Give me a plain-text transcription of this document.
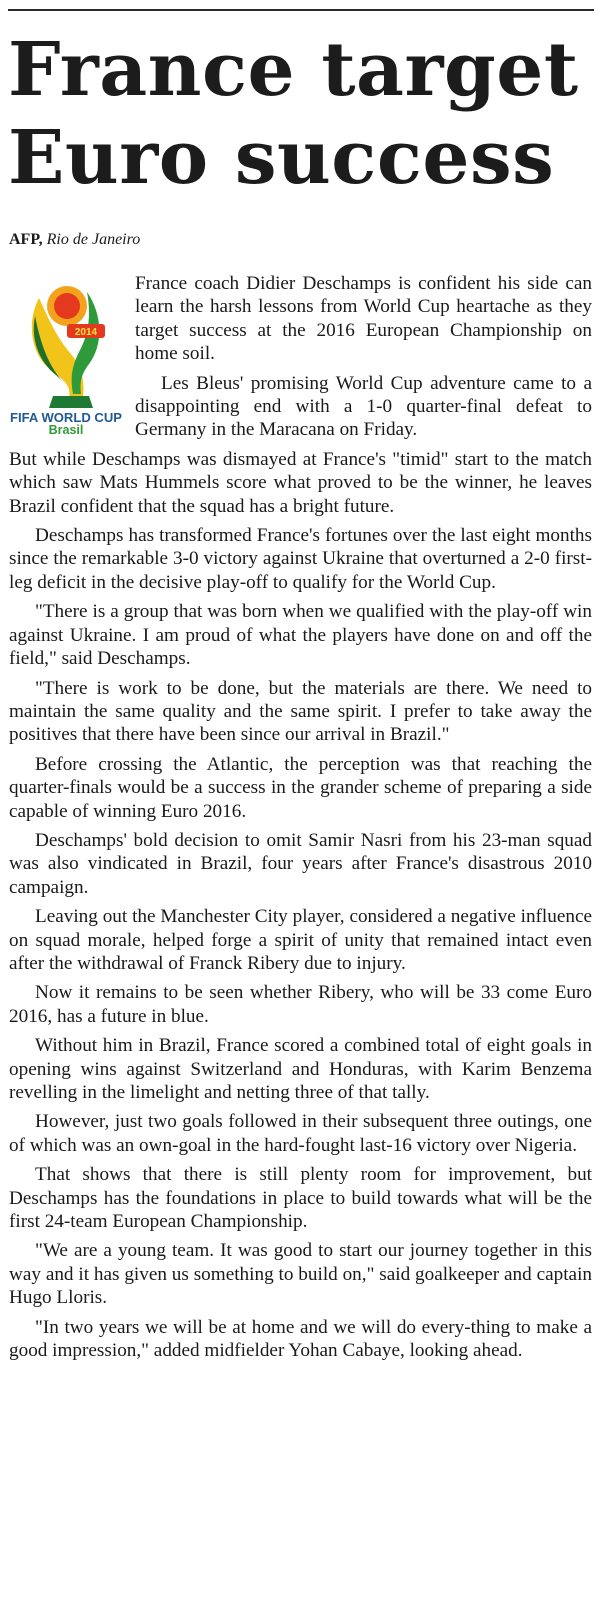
France target
Euro success
AFP, Rio de Janeiro
2014
FIFA WORLD CUP
Brasil

France coach Didier Deschamps is confident his side can learn the harsh lessons from World Cup heartache as they target success at the 2016 European Championship on home soil.

Les Bleus' promising World Cup adventure came to a disappointing end with a 1-0 quarter-final defeat to Germany in the Maracana on Friday.

But while Deschamps was dismayed at France's "timid" start to the match which saw Mats Hummels score what proved to be the winner, he leaves Brazil confident that the squad has a bright future.

Deschamps has transformed France's fortunes over the last eight months since the remarkable 3-0 victory against Ukraine that overturned a 2-0 first-leg deficit in the decisive play-off to qualify for the World Cup.

"There is a group that was born when we qualified with the play-off win against Ukraine. I am proud of what the players have done on and off the field," said Deschamps.

"There is work to be done, but the materials are there. We need to maintain the same quality and the same spirit. I prefer to take away the positives that there have been since our arrival in Brazil."

Before crossing the Atlantic, the perception was that reaching the quarter-finals would be a success in the grander scheme of preparing a side capable of winning Euro 2016.

Deschamps' bold decision to omit Samir Nasri from his 23-man squad was also vindicated in Brazil, four years after France's disastrous 2010 campaign.

Leaving out the Manchester City player, considered a negative influence on squad morale, helped forge a spirit of unity that remained intact even after the withdrawal of Franck Ribery due to injury.

Now it remains to be seen whether Ribery, who will be 33 come Euro 2016, has a future in blue.

Without him in Brazil, France scored a combined total of eight goals in opening wins against Switzerland and Honduras, with Karim Benzema revelling in the limelight and netting three of that tally.

However, just two goals followed in their subsequent three outings, one of which was an own-goal in the hard-fought last-16 victory over Nigeria.

That shows that there is still plenty room for improvement, but Deschamps has the foundations in place to build towards what will be the first 24-team European Championship.

"We are a young team. It was good to start our journey together in this way and it has given us something to build on," said goalkeeper and captain Hugo Lloris.

"In two years we will be at home and we will do every-thing to make a good impression," added midfielder Yohan Cabaye, looking ahead.
